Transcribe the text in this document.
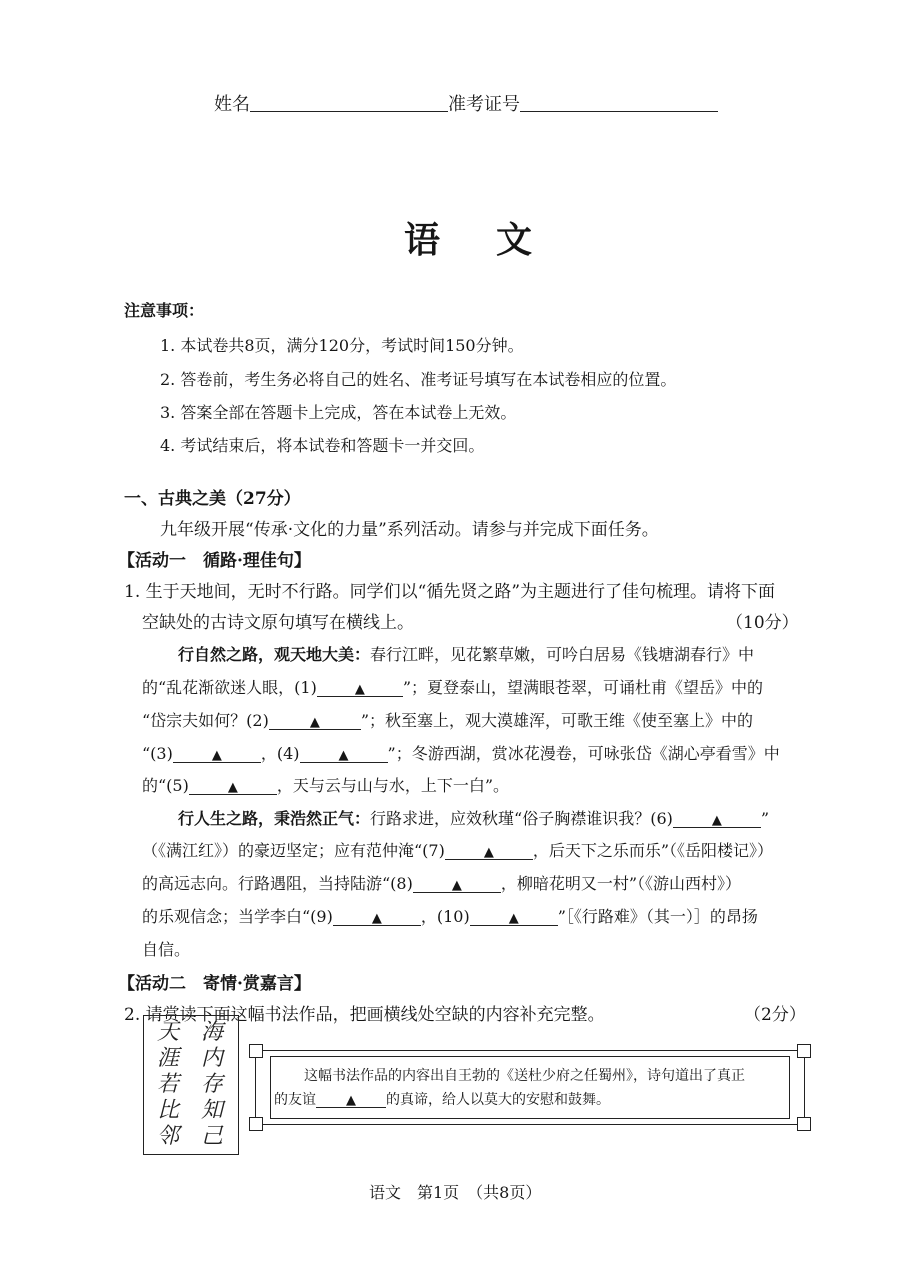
姓名	准考证号
语文
注意事项：
1. 本试卷共8页，满分120分，考试时间150分钟。
2. 答卷前，考生务必将自己的姓名、准考证号填写在本试卷相应的位置。
3. 答案全部在答题卡上完成，答在本试卷上无效。
4. 考试结束后，将本试卷和答题卡一并交回。
一、古典之美（27分）
九年级开展“传承·文化的力量”系列活动。请参与并完成下面任务。
【活动一　循路·理佳句】
1. 生于天地间，无时不行路。同学们以“循先贤之路”为主题进行了佳句梳理。请将下面
空缺处的古诗文原句填写在横线上。	（10分）
行自然之路，观天地大美：春行江畔，见花繁草嫩，可吟白居易《钱塘湖春行》中
的“乱花渐欲迷人眼，(1)	▲ ”；夏登泰山，望满眼苍翠，可诵杜甫《望岳》中的
“岱宗夫如何？(2)	▲	”；秋至塞上，观大漠雄浑，可歌王维《使至塞上》中的
“(3)	▲ ，(4)	▲ ”；冬游西湖，赏冰花漫卷，可咏张岱《湖心亭看雪》中
的“(5)	▲ ，天与云与山与水，上下一白”。
行人生之路，秉浩然正气：行路求进，应效秋瑾“俗子胸襟谁识我？(6)	▲ ”
（《满江红》）的豪迈坚定；应有范仲淹“(7)	▲ ，后天下之乐而乐”（《岳阳楼记》）
的高远志向。行路遇阻，当持陆游“(8)	▲ ，柳暗花明又一村”（《游山西村》）
的乐观信念；当学李白“(9)	▲ ，(10)	▲ ”［《行路难》（其一）］的昂扬
自信。
【活动二　寄情·赏嘉言】
2. 请赏读下面这幅书法作品，把画横线处空缺的内容补充完整。	（2分）
天
涯
若
比
邻
海
内
存
知
己
这幅书法作品的内容出自王勃的《送杜少府之任蜀州》，诗句道出了真正
的友谊 ▲ 的真谛，给人以莫大的安慰和鼓舞。
语文　第1页　（共8页）
